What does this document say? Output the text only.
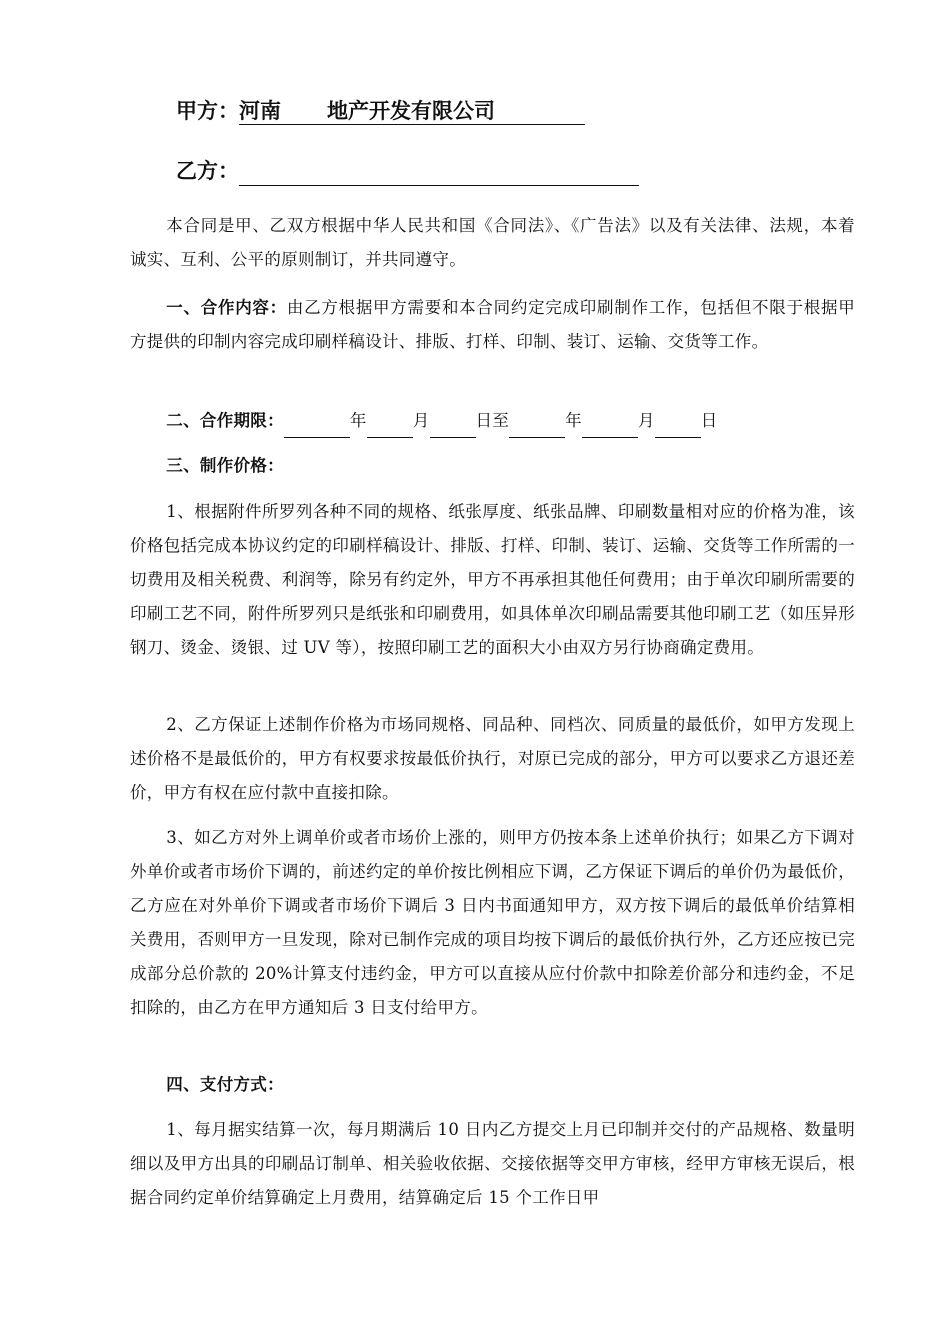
甲方：河南 地产开发有限公司
乙方：

本合同是甲、乙双方根据中华人民共和国《合同法》、《广告法》以及有关法律、法规，本着诚实、互利、公平的原则制订，并共同遵守。

一、合作内容：由乙方根据甲方需要和本合同约定完成印刷制作工作，包括但不限于根据甲方提供的印制内容完成印刷样稿设计、排版、打样、印制、装订、运输、交货等工作。

二、合作期限：	年	月	日至	年	月	日

三、制作价格：

1、根据附件所罗列各种不同的规格、纸张厚度、纸张品牌、印刷数量相对应的价格为准，该价格包括完成本协议约定的印刷样稿设计、排版、打样、印制、装订、运输、交货等工作所需的一切费用及相关税费、利润等，除另有约定外，甲方不再承担其他任何费用；由于单次印刷所需要的印刷工艺不同，附件所罗列只是纸张和印刷费用，如具体单次印刷品需要其他印刷工艺（如压异形钢刀、烫金、烫银、过 UV 等），按照印刷工艺的面积大小由双方另行协商确定费用。

2、乙方保证上述制作价格为市场同规格、同品种、同档次、同质量的最低价，如甲方发现上述价格不是最低价的，甲方有权要求按最低价执行，对原已完成的部分，甲方可以要求乙方退还差价，甲方有权在应付款中直接扣除。

3、如乙方对外上调单价或者市场价上涨的，则甲方仍按本条上述单价执行；如果乙方下调对外单价或者市场价下调的，前述约定的单价按比例相应下调，乙方保证下调后的单价仍为最低价，乙方应在对外单价下调或者市场价下调后 3 日内书面通知甲方，双方按下调后的最低单价结算相关费用，否则甲方一旦发现，除对已制作完成的项目均按下调后的最低价执行外，乙方还应按已完成部分总价款的 20%计算支付违约金，甲方可以直接从应付价款中扣除差价部分和违约金，不足扣除的，由乙方在甲方通知后 3 日支付给甲方。

四、支付方式：

1、每月据实结算一次，每月期满后 10 日内乙方提交上月已印制并交付的产品规格、数量明细以及甲方出具的印刷品订制单、相关验收依据、交接依据等交甲方审核，经甲方审核无误后，根据合同约定单价结算确定上月费用，结算确定后 15 个工作日甲
